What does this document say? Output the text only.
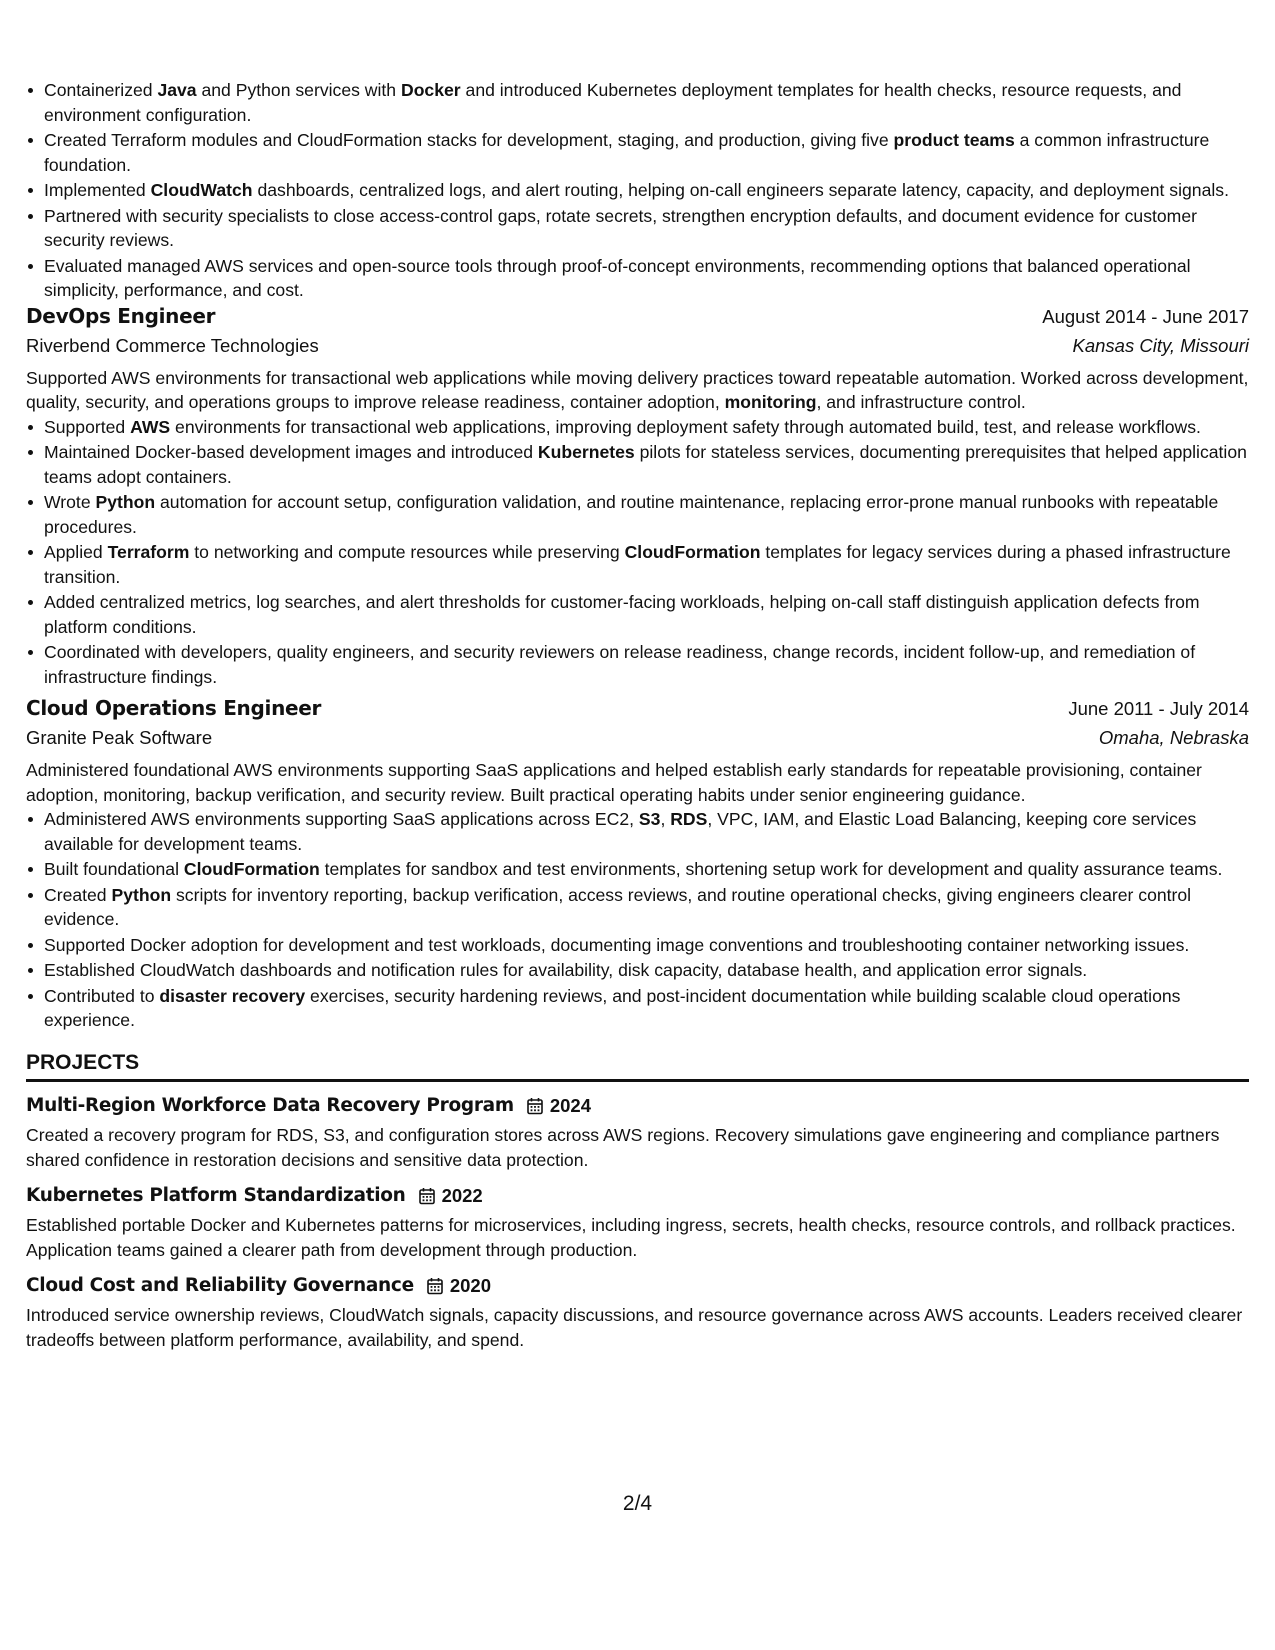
Containerized Java and Python services with Docker and introduced Kubernetes deployment templates for health checks, resource requests, and environment configuration.
Created Terraform modules and CloudFormation stacks for development, staging, and production, giving five product teams a common infrastructure foundation.
Implemented CloudWatch dashboards, centralized logs, and alert routing, helping on-call engineers separate latency, capacity, and deployment signals.
Partnered with security specialists to close access-control gaps, rotate secrets, strengthen encryption defaults, and document evidence for customer security reviews.
Evaluated managed AWS services and open-source tools through proof-of-concept environments, recommending options that balanced operational simplicity, performance, and cost.
DevOps Engineer	August 2014 - June 2017
Riverbend Commerce Technologies	Kansas City, Missouri
Supported AWS environments for transactional web applications while moving delivery practices toward repeatable automation. Worked across development, quality, security, and operations groups to improve release readiness, container adoption, monitoring, and infrastructure control.
Supported AWS environments for transactional web applications, improving deployment safety through automated build, test, and release workflows.
Maintained Docker-based development images and introduced Kubernetes pilots for stateless services, documenting prerequisites that helped application teams adopt containers.
Wrote Python automation for account setup, configuration validation, and routine maintenance, replacing error-prone manual runbooks with repeatable procedures.
Applied Terraform to networking and compute resources while preserving CloudFormation templates for legacy services during a phased infrastructure transition.
Added centralized metrics, log searches, and alert thresholds for customer-facing workloads, helping on-call staff distinguish application defects from platform conditions.
Coordinated with developers, quality engineers, and security reviewers on release readiness, change records, incident follow-up, and remediation of infrastructure findings.
Cloud Operations Engineer	June 2011 - July 2014
Granite Peak Software	Omaha, Nebraska
Administered foundational AWS environments supporting SaaS applications and helped establish early standards for repeatable provisioning, container adoption, monitoring, backup verification, and security review. Built practical operating habits under senior engineering guidance.
Administered AWS environments supporting SaaS applications across EC2, S3, RDS, VPC, IAM, and Elastic Load Balancing, keeping core services available for development teams.
Built foundational CloudFormation templates for sandbox and test environments, shortening setup work for development and quality assurance teams.
Created Python scripts for inventory reporting, backup verification, access reviews, and routine operational checks, giving engineers clearer control evidence.
Supported Docker adoption for development and test workloads, documenting image conventions and troubleshooting container networking issues.
Established CloudWatch dashboards and notification rules for availability, disk capacity, database health, and application error signals.
Contributed to disaster recovery exercises, security hardening reviews, and post-incident documentation while building scalable cloud operations experience.
PROJECTS
Multi-Region Workforce Data Recovery Program 2024
Created a recovery program for RDS, S3, and configuration stores across AWS regions. Recovery simulations gave engineering and compliance partners shared confidence in restoration decisions and sensitive data protection.
Kubernetes Platform Standardization 2022
Established portable Docker and Kubernetes patterns for microservices, including ingress, secrets, health checks, resource controls, and rollback practices. Application teams gained a clearer path from development through production.
Cloud Cost and Reliability Governance 2020
Introduced service ownership reviews, CloudWatch signals, capacity discussions, and resource governance across AWS accounts. Leaders received clearer tradeoffs between platform performance, availability, and spend.
2/4
